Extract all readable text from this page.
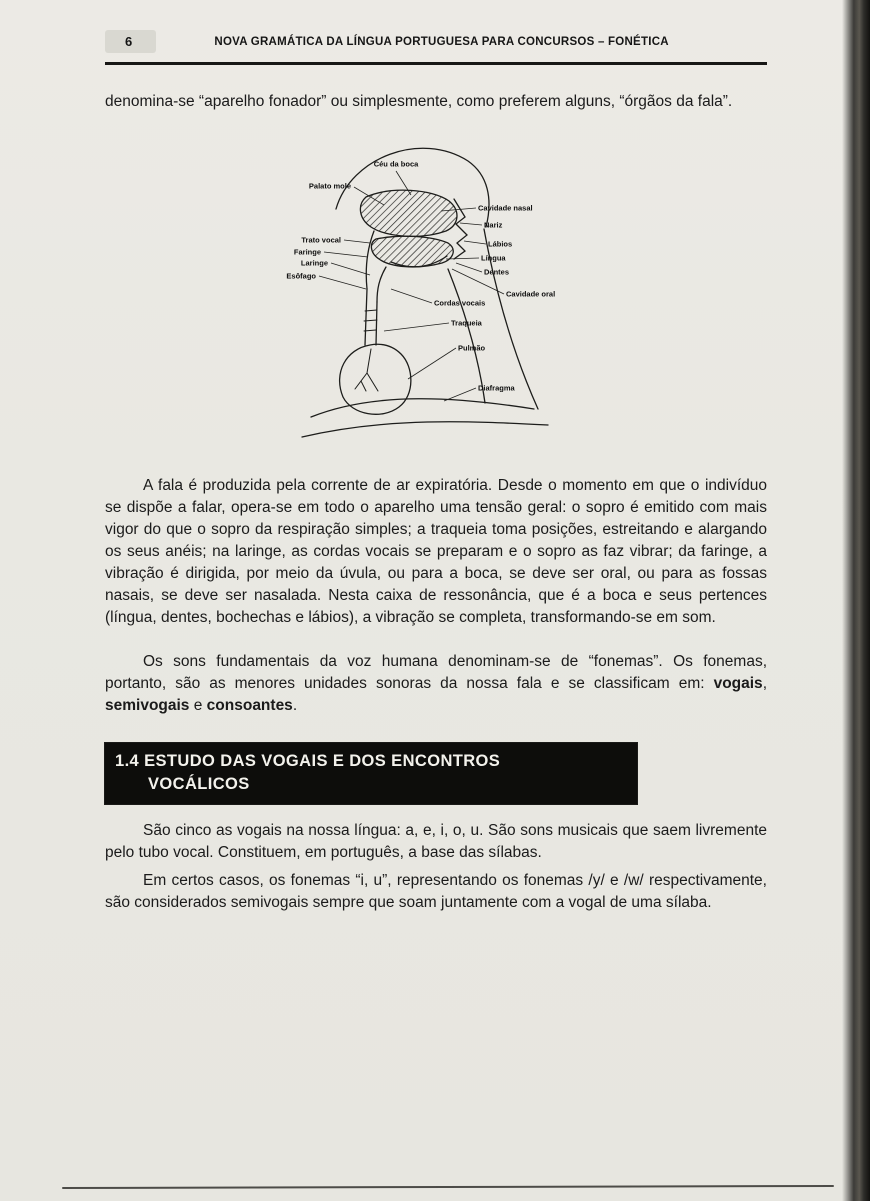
6	NOVA GRAMÁTICA DA LÍNGUA PORTUGUESA PARA CONCURSOS – FONÉTICA

denomina-se “aparelho fonador” ou simplesmente, como preferem alguns, “órgãos da fala”.

Céu da boca
Palato mole
Cavidade nasal
Nariz
Trato vocal	Lábios
Faringe
Língua
Laringe
Dentes
Esôfago
Cavidade oral
Cordas vocais
Traqueia
Pulmão
Diafragma

A fala é produzida pela corrente de ar expiratória. Desde o momento em que o indivíduo se dispõe a falar, opera-se em todo o aparelho uma tensão geral: o sopro é emitido com mais vigor do que o sopro da respiração simples; a traqueia toma posições, estreitando e alargando os seus anéis; na laringe, as cordas vocais se preparam e o sopro as faz vibrar; da faringe, a vibração é dirigida, por meio da úvula, ou para a boca, se deve ser oral, ou para as fossas nasais, se deve ser nasalada. Nesta caixa de ressonância, que é a boca e seus pertences (língua, dentes, bochechas e lábios), a vibração se completa, transformando-se em som.

Os sons fundamentais da voz humana denominam-se de “fonemas”. Os fonemas, portanto, são as menores unidades sonoras da nossa fala e se classificam em: vogais, semivogais e consoantes.

1.4 ESTUDO DAS VOGAIS E DOS ENCONTROS
VOCÁLICOS

São cinco as vogais na nossa língua: a, e, i, o, u. São sons musicais que saem livremente pelo tubo vocal. Constituem, em português, a base das sílabas.

Em certos casos, os fonemas “i, u”, representando os fonemas /y/ e /w/ respectivamente, são considerados semivogais sempre que soam juntamente com a vogal de uma sílaba.
